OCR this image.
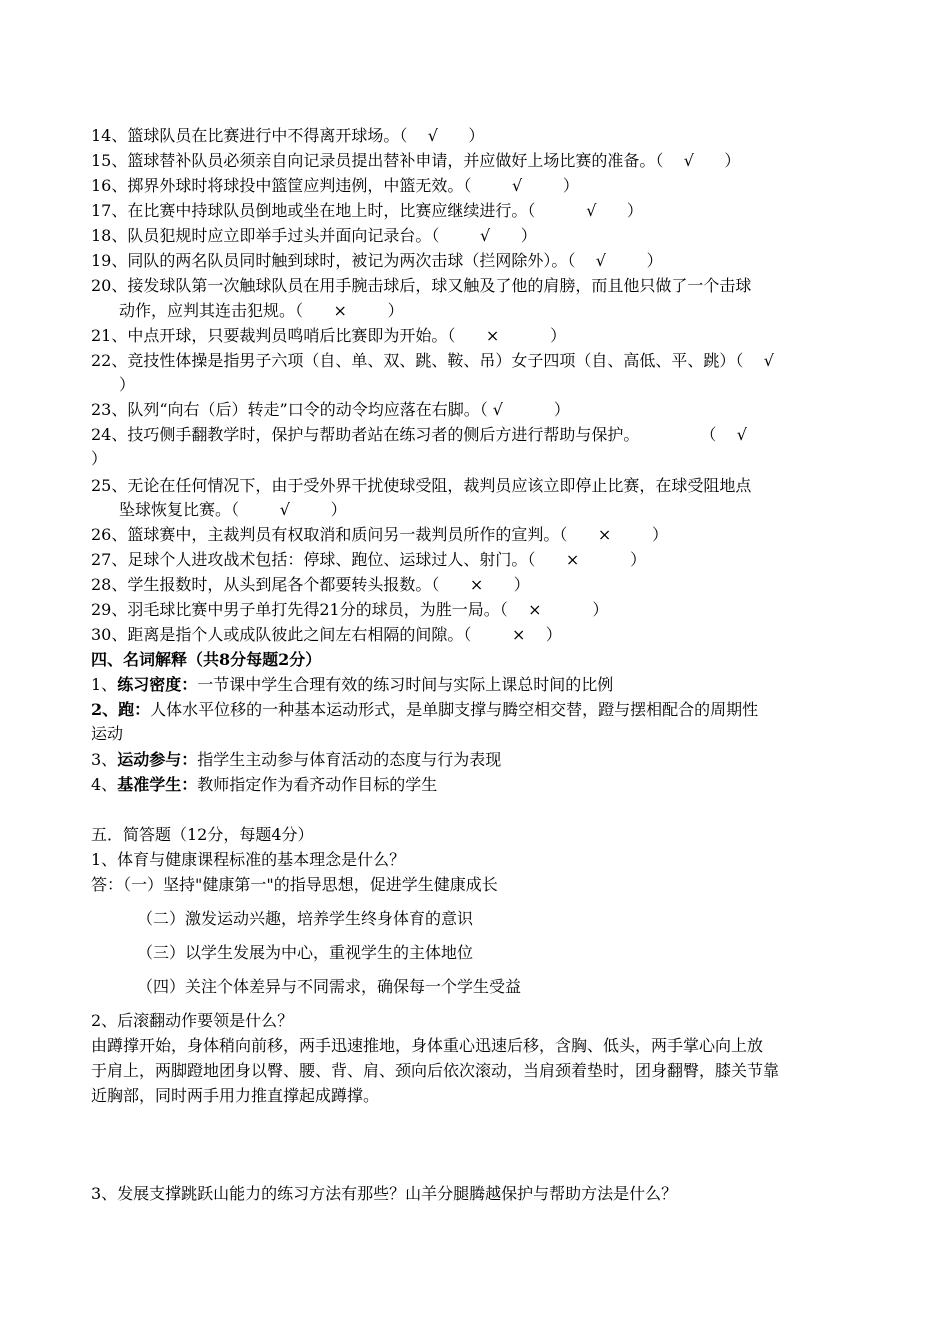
14、篮球队员在比赛进行中不得离开球场。（    √      ）
15、篮球替补队员必须亲自向记录员提出替补申请，并应做好上场比赛的准备。（    √      ）
16、掷界外球时将球投中篮筐应判违例，中篮无效。（        √        ）
17、在比赛中持球队员倒地或坐在地上时，比赛应继续进行。（          √      ）
18、队员犯规时应立即举手过头并面向记录台。（        √      ）
19、同队的两名队员同时触到球时，被记为两次击球（拦网除外）。（    √        ）
20、接发球队第一次触球队员在用手腕击球后，球又触及了他的肩膀，而且他只做了一个击球
动作，应判其连击犯规。（      ×        ）
21、中点开球，只要裁判员鸣哨后比赛即为开始。（      ×          ）
22、竞技性体操是指男子六项（自、单、双、跳、鞍、吊）女子四项（自、高低、平、跳）（    √
）
23、队列“向右（后）转走”口令的动令均应落在右脚。（ √          ）
24、技巧侧手翻教学时，保护与帮助者站在练习者的侧后方进行帮助与保护。            （    √
）
25、无论在任何情况下，由于受外界干扰使球受阻，裁判员应该立即停止比赛，在球受阻地点
坠球恢复比赛。（        √        ）
26、篮球赛中，主裁判员有权取消和质问另一裁判员所作的宣判。（      ×        ）
27、足球个人进攻战术包括：停球、跑位、运球过人、射门。（      ×          ）
28、学生报数时，从头到尾各个都要转头报数。（      ×      ）
29、羽毛球比赛中男子单打先得21分的球员，为胜一局。（    ×          ）
30、距离是指个人或成队彼此之间左右相隔的间隙。（        ×    ）
四、名词解释（共8分每题2分）
1、练习密度：一节课中学生合理有效的练习时间与实际上课总时间的比例
2、跑：人体水平位移的一种基本运动形式，是单脚支撑与腾空相交替，蹬与摆相配合的周期性
运动
3、运动参与：指学生主动参与体育活动的态度与行为表现
4、基准学生：教师指定作为看齐动作目标的学生
五．简答题（12分，每题4分）
1、体育与健康课程标准的基本理念是什么？
答：（一）坚持"健康第一"的指导思想，促进学生健康成长
（二）激发运动兴趣，培养学生终身体育的意识
（三）以学生发展为中心，重视学生的主体地位
（四）关注个体差异与不同需求，确保每一个学生受益
2、后滚翻动作要领是什么？
由蹲撑开始，身体稍向前移，两手迅速推地，身体重心迅速后移，含胸、低头，两手掌心向上放
于肩上，两脚蹬地团身以臀、腰、背、肩、颈向后依次滚动，当肩颈着垫时，团身翻臀，膝关节靠
近胸部，同时两手用力推直撑起成蹲撑。
3、发展支撑跳跃山能力的练习方法有那些？山羊分腿腾越保护与帮助方法是什么？
